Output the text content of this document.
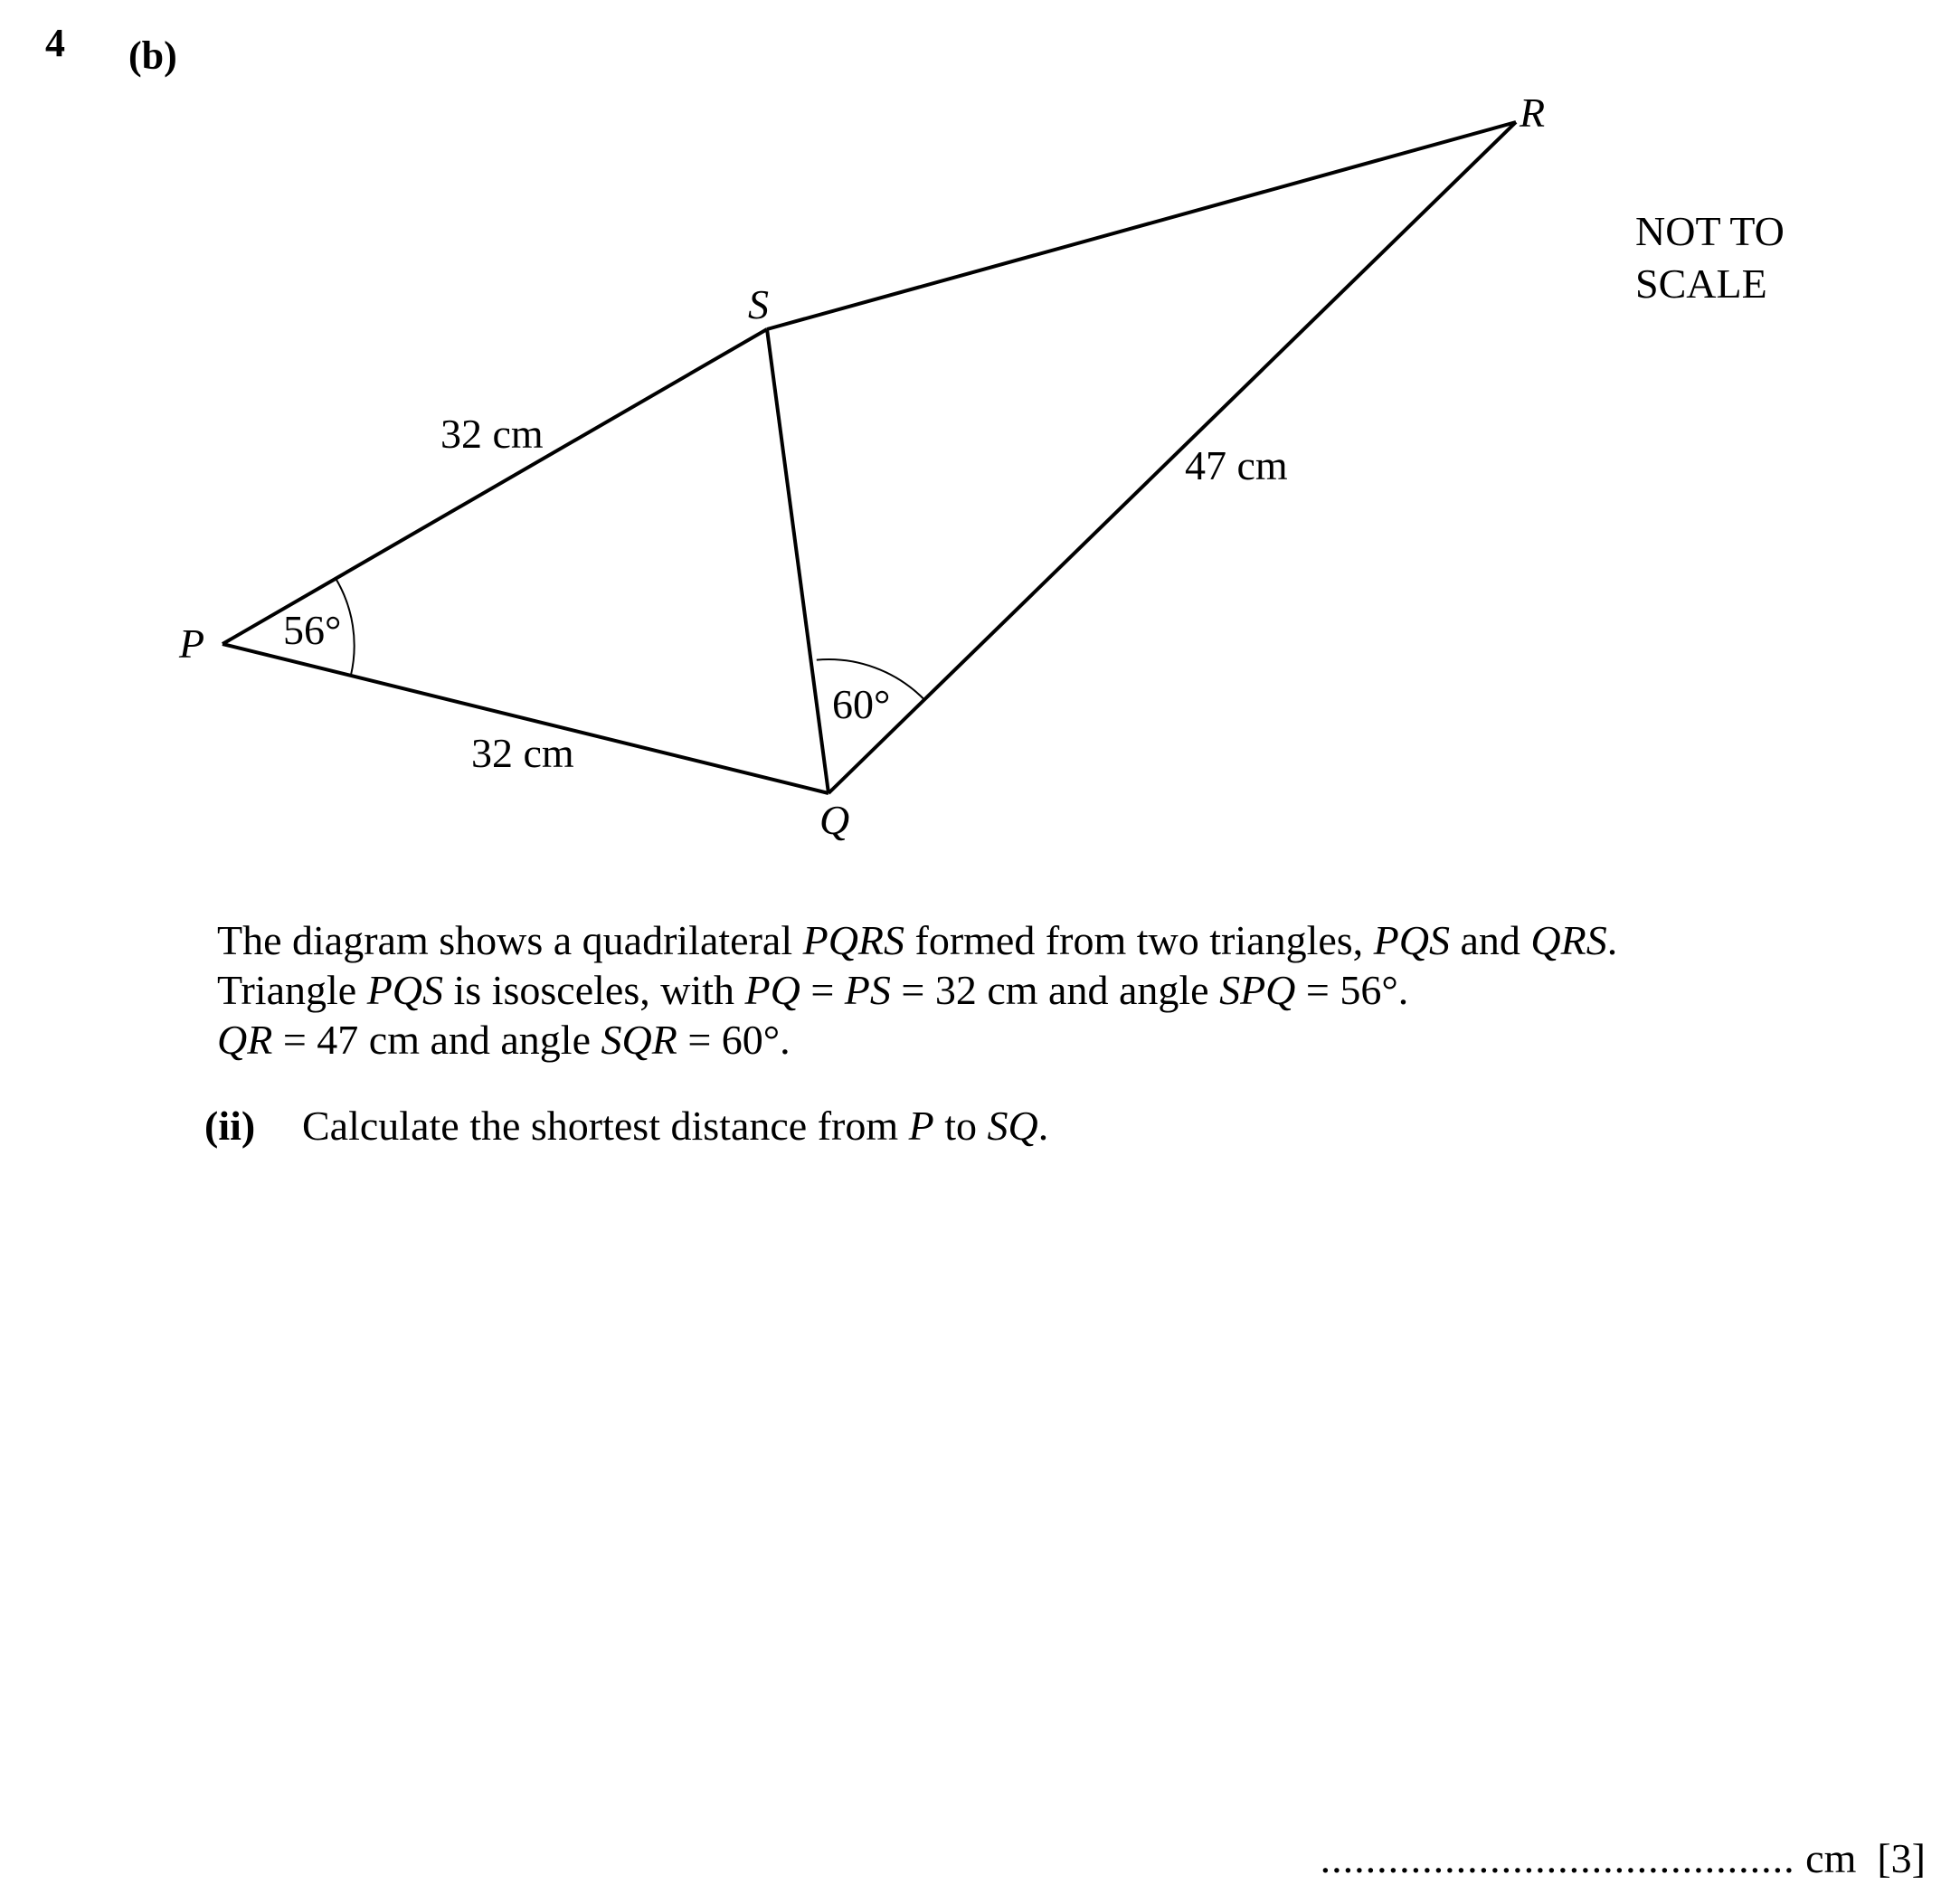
4 (b)
P
Q
R
S
32 cm
32 cm
47 cm
56°
60°
NOT TO
SCALE
The diagram shows a quadrilateral PQRS formed from two triangles, PQS and QRS.
Triangle PQS is isosceles, with PQ = PS = 32 cm and angle SPQ = 56°.
QR = 47 cm and angle SQR = 60°.
(ii) Calculate the shortest distance from P to SQ.
.......................................... cm [3]
